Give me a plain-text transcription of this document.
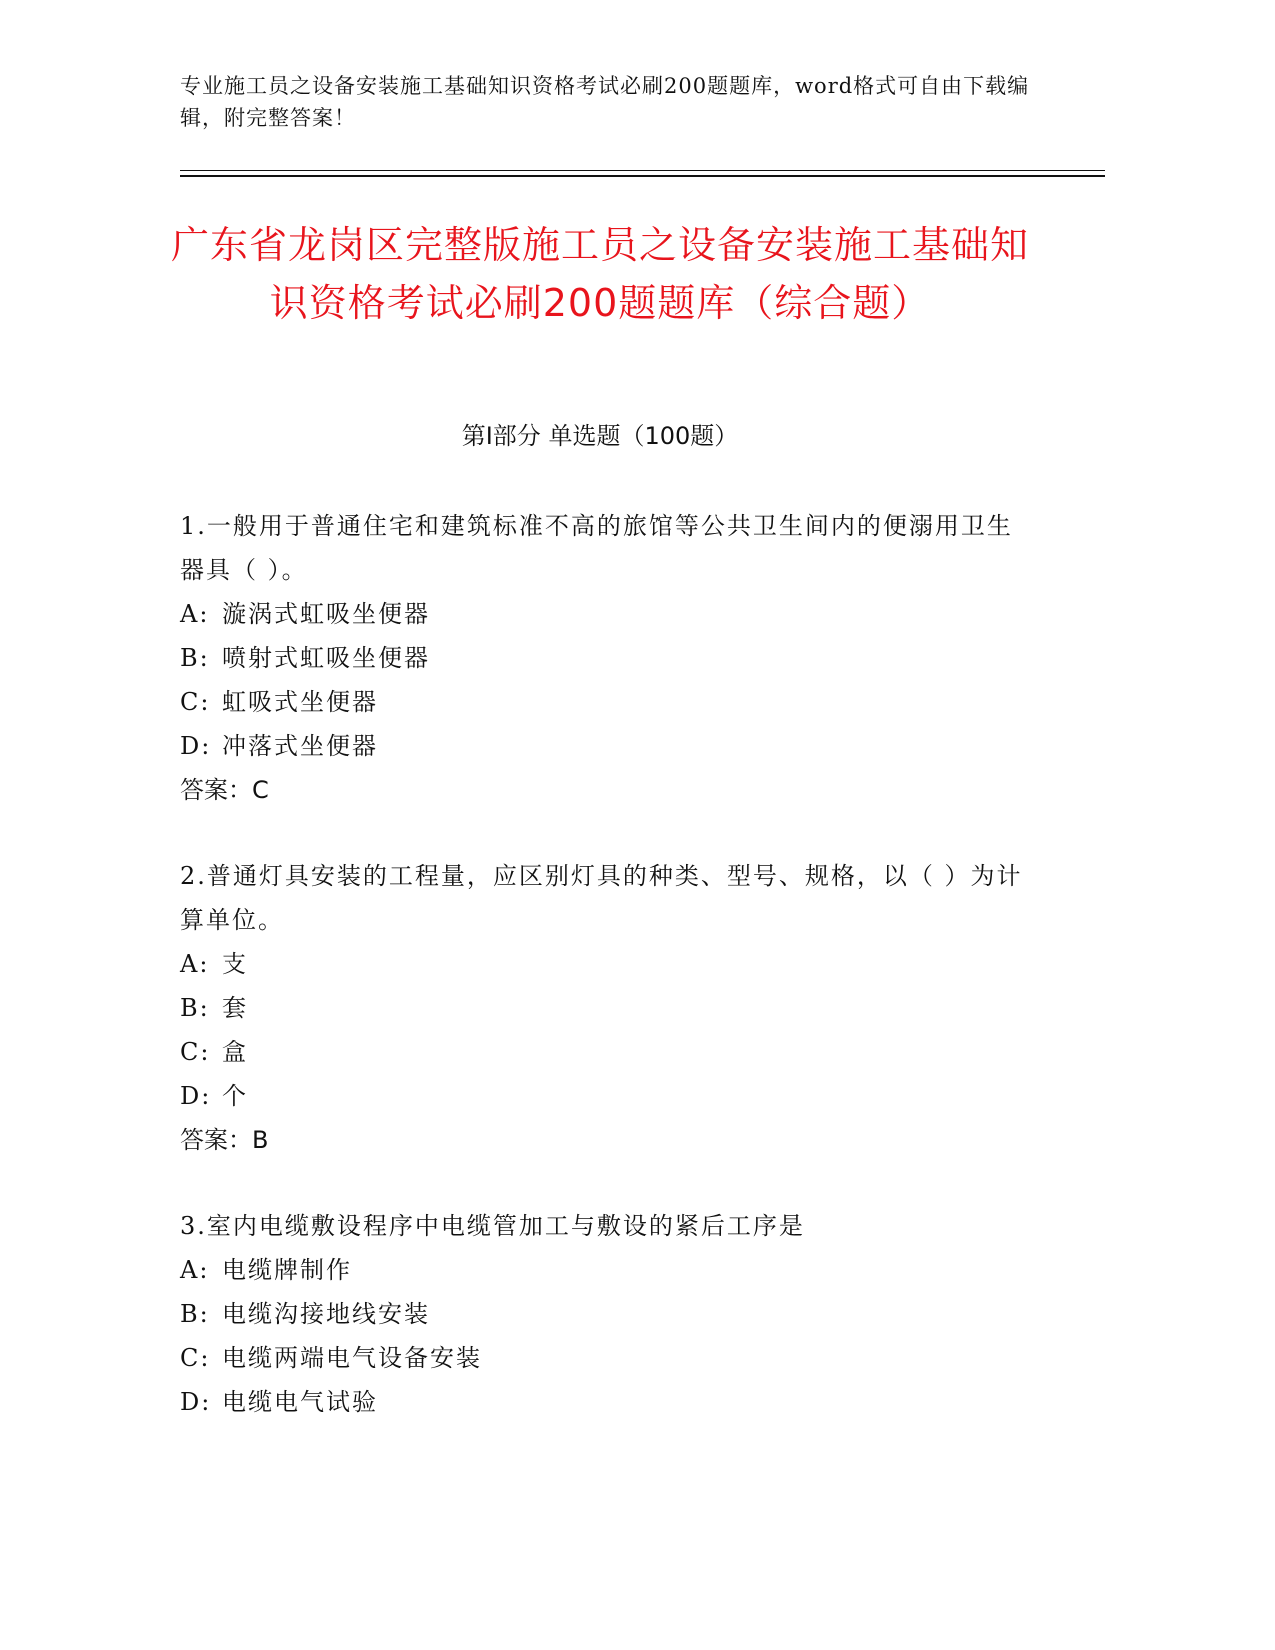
专业施工员之设备安装施工基础知识资格考试必刷200题题库，word格式可自由下载编辑，附完整答案！

广东省龙岗区完整版施工员之设备安装施工基础知识资格考试必刷200题题库（综合题）
第I部分 单选题（100题）

1.一般用于普通住宅和建筑标准不高的旅馆等公共卫生间内的便溺用卫生器具（ ）。

A: 漩涡式虹吸坐便器
B: 喷射式虹吸坐便器
C: 虹吸式坐便器
D: 冲落式坐便器

答案：C

2.普通灯具安装的工程量，应区别灯具的种类、型号、规格，以（ ）为计算单位。

A: 支
B: 套
C: 盒
D: 个

答案：B

3.室内电缆敷设程序中电缆管加工与敷设的紧后工序是

A: 电缆牌制作
B: 电缆沟接地线安装
C: 电缆两端电气设备安装
D: 电缆电气试验
